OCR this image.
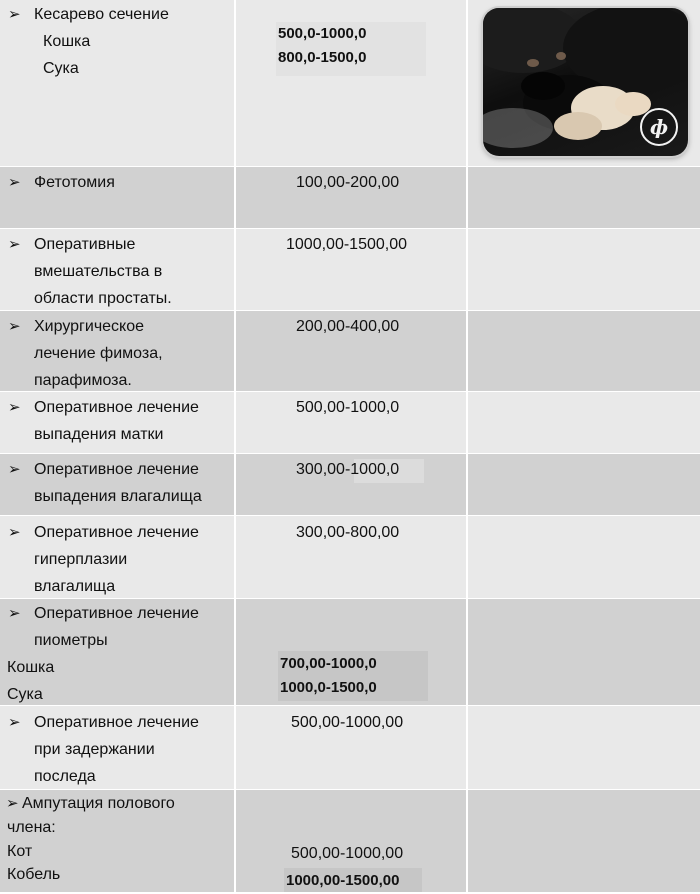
➢ Кесарево сечение
Кошка
Сука
500,0-1000,0
800,0-1500,0
ф
➢ Фетотомия	100,00-200,00
➢ Оперативные
вмешательства в
области простаты.
1000,00-1500,00
➢ Хирургическое
лечение фимоза,
парафимоза.
200,00-400,00
➢ Оперативное лечение
выпадения матки
500,00-1000,0
➢ Оперативное лечение
выпадения влагалища
300,00-1000,0
➢ Оперативное лечение
гиперплазии
влагалища
300,00-800,00
➢ Оперативное лечение
пиометры
Кошка
Сука
700,00-1000,0
1000,0-1500,0
➢ Оперативное лечение
при задержании
последа
500,00-1000,00
➢ Ампутация полового
члена:
Кот
Кобель
500,00-1000,00
1000,00-1500,00
